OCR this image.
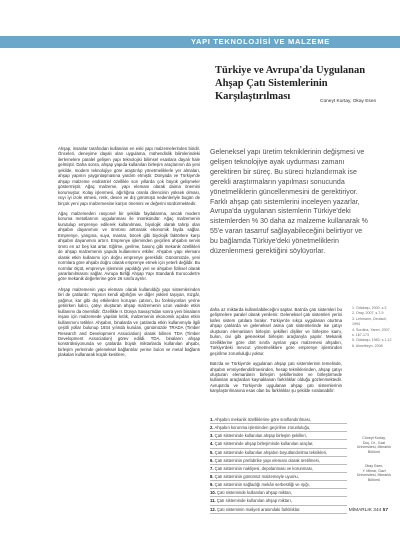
YAPI TEKNOLOJİSİ VE MALZEME
Türkiye ve Avrupa'da Uygulanan
Ahşap Çatı Sistemlerinin Karşılaştırılması	Cüneyt Kurtay, Okay Esen

Ahşap, insanlar tarafından kullanılan en eski yapı malzemelerinden biridir. Önceleri, deneyime dayalı olan uygulama, mühendislik bilimlerindeki ilerlemelere paralel gelişen yapı teknolojisi bilimsel esaslara dayalı hale gelmiştir. Daha sonra, ahşap yapıda kullanılan birleşim araçlarının da yeni şekilde, modern teknolojiye göre araştırılıp yönetmeliklerle yer almaları, ahşap yapının yaygınlaşmasına yardım etmiştir. Dünyada ve Türkiye'de ahşap malzeme endüstriel özellikle son yıllarda çok büyük gelişmeler göstermiştir. Ağaç malzeme, yapı elemanı olarak daima önemini korumuştur. Kolay işlenmesi, ağırlığına oranla direncinin yüksek olması, ısıyı iyi izole etmesi, renk, desen ve dış görünüşü nedenleriyle bugün de birçok yeni yapı malzemesine karşın önemini ve değerini sürdürmektedir.

Ağaç malzemeden rasyonel bir şekilde faydalanma, ancak modern koruma metotlarının uygulanması ile mümkündür. Ağaç malzemenin kurutulup emprenye edilerek kullanılması, biyolojik olarak tahrip olan ahşabın dayanımını ve ömrünü arttırarak ekonomik fayda sağlar. Emprenye, yangına, suya, mantar, böcek gibi biyolojik faktörlere karşı ahşabın dayanımını artırır. Emprenye işleminden geçirilen ahşabın servis ömrü en az beş kat artar. Eğilme, gerilme, basınç gibi mekanik özellikleri de ahşap malzemenin yapıda kullanımını etkiler. Ahşabın yapı elemanı olarak etkin kullanımı için doğru emprenye gereklidir. Günümüzde, yeni normlara göre ahşabı doğru olarak emprenye etmek için yeterli değildir. Bu normlar ölçüt, emprenye işleminin yapıldığı yeri ve ahşabın fiziksel olarak yararlanılmasını sağlar. Avrupa Birliği Ahşap Yapı Standardı Eurocode5'e göre mekanik değerlerine göre 26 sınıfa ayrılır.

Ahşap malzemenin yapı elemanı olarak kullanıldığı yapı sistemlerinden biri de çatılardır. Yapının kendi ağırlığını ve diğer yükleri taşıyan, rüzgâr, yağmur, kar gibi dış etkilerden koruyan çatının, bu fonksiyonları yerine getirirken kalıcı, çatıyı oluşturan ahşap malzemenin uzun vadede etkin kullanımı da önemlidir. Özellikle II. Dünya Savaşı'ndan sonra yeni binaların inşası için malzemede yapılan kıtlık, malzemenin ekonomik açıdan etkin kullanımını tetikler. Ahşabın, binalarda ve çatılarda etkin kullanımıyla ilgili çeşitli yollar bulunup 1934 yılında kurulan, günümüzde TRADA (Timber Research and Development Association) olarak bilinen TDA (Timber Development Association) görev edildi. TDA, binaların ahşap konstrüksiyonunda ve çatılarda büyük miktarlarda kullanılan ahşabı, birleşim yerlerinde geleneksel bağlantılar yerine bulon ve metal bağlantı plakaları kullanarak küçük kesitlere,

Geleneksel yapı üretim tekniklerinin değişmesi ve gelişen teknolojiye ayak uydurması zamanı gerektiren bir süreç. Bu süreci hızlandırmak ise gerekli araştırmaların yapılması sonucunda yönetmeliklerin güncellenmesini de gerektiriyor. Farklı ahşap çatı sistemlerini inceleyen yazarlar, Avrupa'da uygulanan sistemlerin Türkiye'deki sistemlerden % 30 daha az malzeme kullanarak % 55'e varan tasarruf sağlayabileceğini belirtiyor ve bu bağlamda Türkiye'deki yönetmeliklerin düzenlenmesi gerektiğini söylüyorlar.

daha az miktarda kullanılabileceğini saptar. Batı'da çatı sistemleri bu gelişmelere paralel olarak yenilenir. Geleneksel çatı sistemleri yerini kafes sistem çatılara bırakır. Türkiye'de sıkça uygulanan oturtma ahşap çatılarda ve geleneksel asma çatı sistemlerinde ise çatıyı oluşturan elemanların birleşim şekilleri dişliler ve birleşme kamı, bulon, civi gibi geleneksel birleşim araçlarıyla yapılır. Mekanik özelliklerine göre dört sınıfa ayrılan yapı malzemesi ahşabın, Türkiye'deki mevcut yönetmeliklere göre emprenye işleminden geçirilme zorunluluğu yoktur.

Batı'da ve Türkiye'de uygulanan ahşap çatı sistemlerinin temelinde, ahşabın emniyetlendirilmesinden, hesap tekniklerinden, ahşap çatıyı oluşturan elemanların birleşim şekillerinden ve birleştirmede kullanılan araçlardan kaynaklanan farklılıklar olduğu gözlenmektedir. Avrupa'da ve Türkiye'de uygulanan ahşap çatı sistemlerinin karşılaştırılmasına esas olan bu farklılıklar şu şekilde sıralanabilir:

1. Odabaşı, 2000, s.3
2. Oray, 2007, s.7-9
3. Lehmann, Deutsch, 1994
4. Sordina, Yaren, 2007, s. 167-173
5. Odabaşı, 1983, s.1-12
6. Almelbeyn, 2008
1. Ahşabın mekanik özelliklerine göre sınıflandırılması,
2. Ahşabın korunma işleminden geçirilme zorunluluğu,
3. Çatı sisteminde kullanılan ahşap birleşim şekilleri,
4. Çatı sisteminde ahşap birleşiminde kullanılan araçlar,
5. Çatı sisteminde kullanılan ahşabın boyutlandırılma teknikleri,
6. Çatı sisteminin prefabrike yapı elemanı olarak üretilmesi,
7. Çatı sisteminin nakliyesi, depolanması ve korunması,
8. Çatı sisteminin günümüz malzemeyle uyumu,
9. Çatı sisteminin sağladığı mekân serbestliği ve ışığı,
10. Çatı sisteminde kullanılan ahşap miktarı,
11. Çatı sisteminde kullanılan ahşap miktarı,
12. Çatı sisteminin maliyeti arasındaki farklılıklar.
Cüneyt Kurtay,
Doç. Dr., Gazi
Üniversitesi, Mimarlık
Bölümü
Okay Esen,
Y. Mimar, Gazi
Üniversitesi, Mimarlık
Bölümü
MİMARLIK 344 57
